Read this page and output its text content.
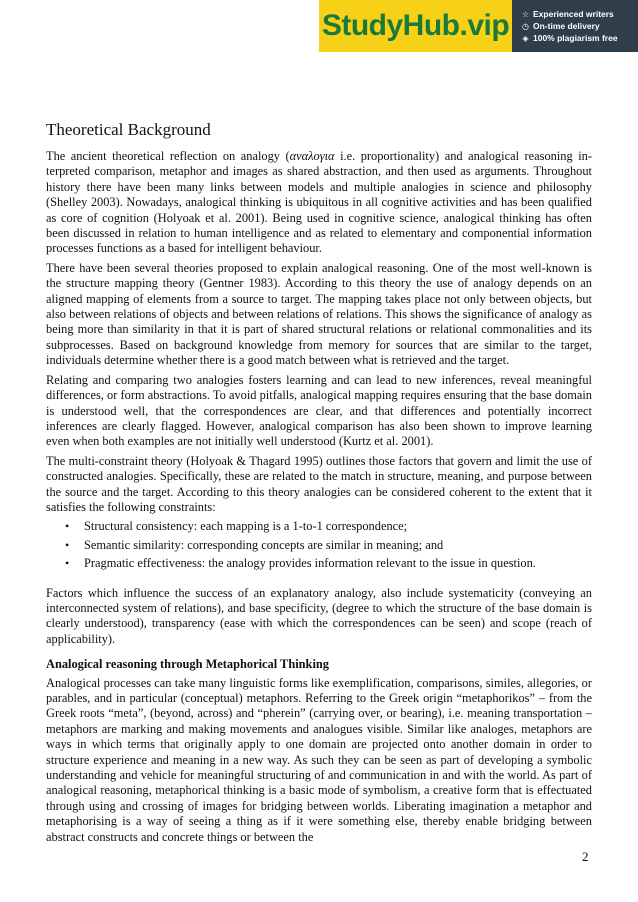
StudyHub.vip	☆ Experienced writers
◷ On-time delivery
◈ 100% plagiarism free
Theoretical Background

The ancient theoretical reflection on analogy (αναλογια i.e. proportionality) and analogical reasoning interpreted comparison, metaphor and images as shared abstraction, and then used as arguments. Throughout history there have been many links between models and multiple analogies in science and philosophy (Shelley 2003). Nowadays, analogical thinking is ubiquitous in all cognitive activities and has been qualified as core of cognition (Holyoak et al. 2001). Being used in cognitive science, analogical thinking has often been discussed in relation to human intelligence and as related to elementary and componential information processes functions as a based for intelligent behaviour.

There have been several theories proposed to explain analogical reasoning. One of the most well-known is the structure mapping theory (Gentner 1983). According to this theory the use of analogy depends on an aligned mapping of elements from a source to target. The mapping takes place not only between objects, but also between relations of objects and between relations of relations. This shows the significance of analogy as being more than similarity in that it is part of shared structural relations or relational commonalities and its subprocesses. Based on background knowledge from memory for sources that are similar to the target, individuals determine whether there is a good match between what is retrieved and the target.

Relating and comparing two analogies fosters learning and can lead to new inferences, reveal meaningful differences, or form abstractions. To avoid pitfalls, analogical mapping requires ensuring that the base domain is understood well, that the correspondences are clear, and that differences and potentially incorrect inferences are clearly flagged. However, analogical comparison has also been shown to improve learning even when both examples are not initially well understood (Kurtz et al. 2001).

The multi-constraint theory (Holyoak & Thagard 1995) outlines those factors that govern and limit the use of constructed analogies. Specifically, these are related to the match in structure, meaning, and purpose between the source and the target. According to this theory analogies can be considered coherent to the extent that it satisfies the following constraints:

• Structural consistency: each mapping is a 1-to-1 correspondence;
• Semantic similarity: corresponding concepts are similar in meaning; and
• Pragmatic effectiveness: the analogy provides information relevant to the issue in question.

Factors which influence the success of an explanatory analogy, also include systematicity (conveying an interconnected system of relations), and base specificity, (degree to which the structure of the base domain is clearly understood), transparency (ease with which the correspondences can be seen) and scope (reach of applicability).

Analogical reasoning through Metaphorical Thinking

Analogical processes can take many linguistic forms like exemplification, comparisons, similes, allegories, or parables, and in particular (conceptual) metaphors. Referring to the Greek origin “metaphorikos” – from the Greek roots “meta”, (beyond, across) and “pherein” (carrying over, or bearing), i.e. meaning transportation – metaphors are marking and making movements and analogues visible. Similar like analoges, metaphors are ways in which terms that originally apply to one domain are projected onto another domain in order to structure experience and meaning in a new way. As such they can be seen as part of developing a symbolic understanding and vehicle for meaningful structuring of and communication in and with the world. As part of analogical reasoning, metaphorical thinking is a basic mode of symbolism, a creative form that is effectuated through using and crossing of images for bridging between worlds. Liberating imagination a metaphor and metaphorising is a way of seeing a thing as if it were something else, thereby enable bridging between abstract constructs and concrete things or between the

2
